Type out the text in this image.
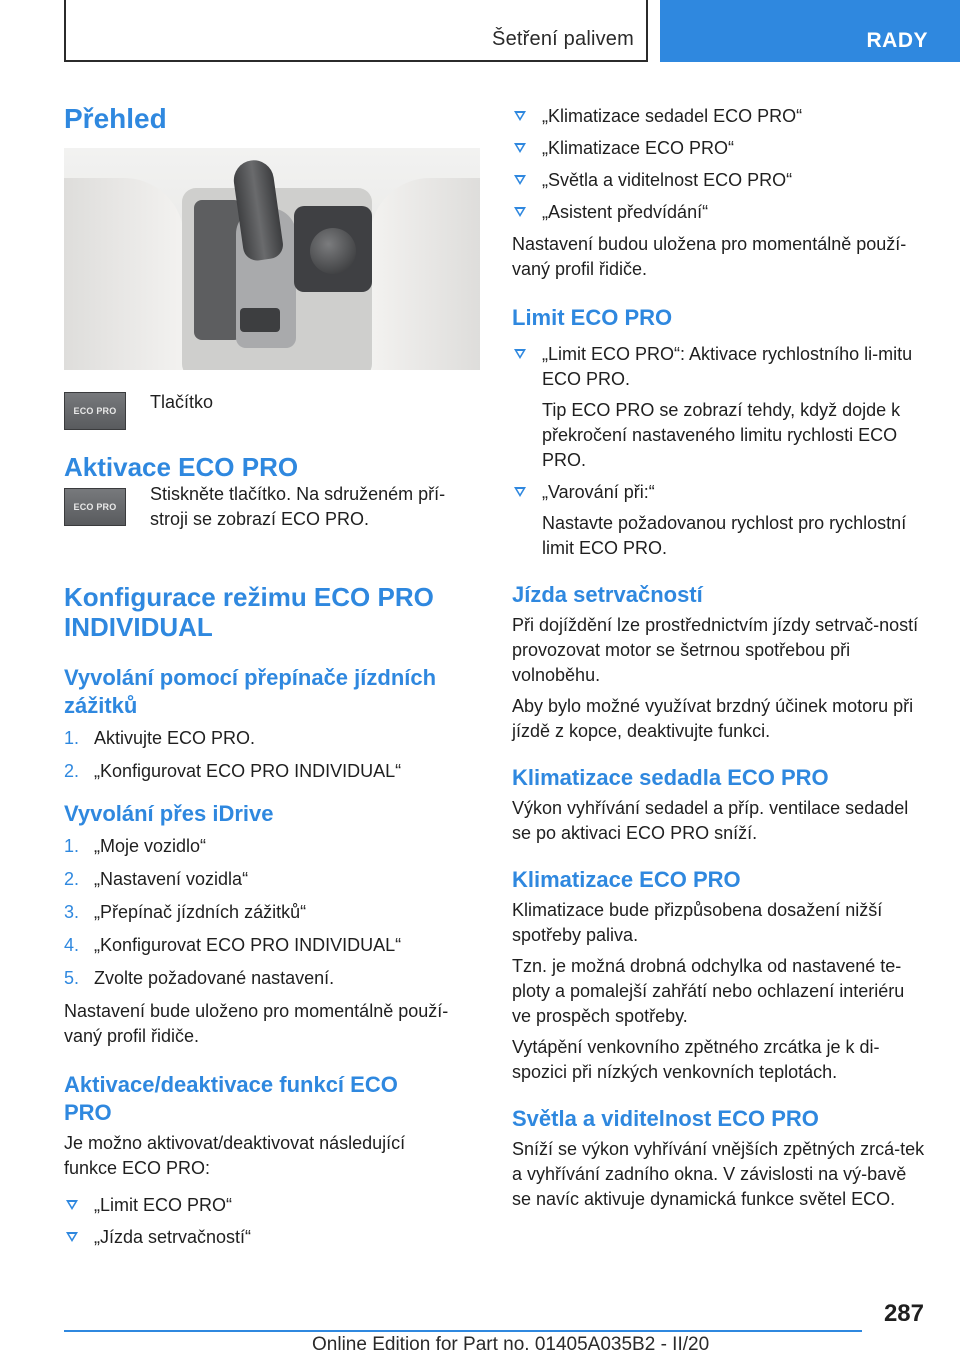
Šetření palivem	RADY
Přehled
ECO PRO Tlačítko

Aktivace ECO PRO
ECO PRO

Stiskněte tlačítko. Na sdruženém pří-stroji se zobrazí ECO PRO.

Konfigurace režimu ECO PRO INDIVIDUAL
Vyvolání pomocí přepínače jízdních zážitků
1. Aktivujte ECO PRO.
2. „Konfigurovat ECO PRO INDIVIDUAL“
Vyvolání přes iDrive
1. „Moje vozidlo“
2. „Nastavení vozidla“
3. „Přepínač jízdních zážitků“
4. „Konfigurovat ECO PRO INDIVIDUAL“
5. Zvolte požadované nastavení.

Nastavení bude uloženo pro momentálně použí-vaný profil řidiče.

Aktivace/deaktivace funkcí ECO PRO

Je možno aktivovat/deaktivovat následující funkce ECO PRO:

„Limit ECO PRO“
„Jízda setrvačností“
„Klimatizace sedadel ECO PRO“
„Klimatizace ECO PRO“
„Světla a viditelnost ECO PRO“
„Asistent předvídání“

Nastavení budou uložena pro momentálně použí-vaný profil řidiče.

Limit ECO PRO
„Limit ECO PRO“: Aktivace rychlostního li-mitu ECO PRO.
Tip ECO PRO se zobrazí tehdy, když dojde k překročení nastaveného limitu rychlosti ECO PRO.
„Varování při:“
Nastavte požadovanou rychlost pro rychlostní limit ECO PRO.
Jízda setrvačností

Při dojíždění lze prostřednictvím jízdy setrvač-ností provozovat motor se šetrnou spotřebou při volnoběhu.

Aby bylo možné využívat brzdný účinek motoru při jízdě z kopce, deaktivujte funkci.

Klimatizace sedadla ECO PRO

Výkon vyhřívání sedadel a příp. ventilace sedadel se po aktivaci ECO PRO sníží.

Klimatizace ECO PRO

Klimatizace bude přizpůsobena dosažení nižší spotřeby paliva.

Tzn. je možná drobná odchylka od nastavené te-ploty a pomalejší zahřátí nebo ochlazení interiéru ve prospěch spotřeby.

Vytápění venkovního zpětného zrcátka je k di-spozici při nízkých venkovních teplotách.

Světla a viditelnost ECO PRO

Sníží se výkon vyhřívání vnějších zpětných zrcá-tek a vyhřívání zadního okna. V závislosti na vý-bavě se navíc aktivuje dynamická funkce světel ECO.

287
Online Edition for Part no. 01405A035B2 - II/20
